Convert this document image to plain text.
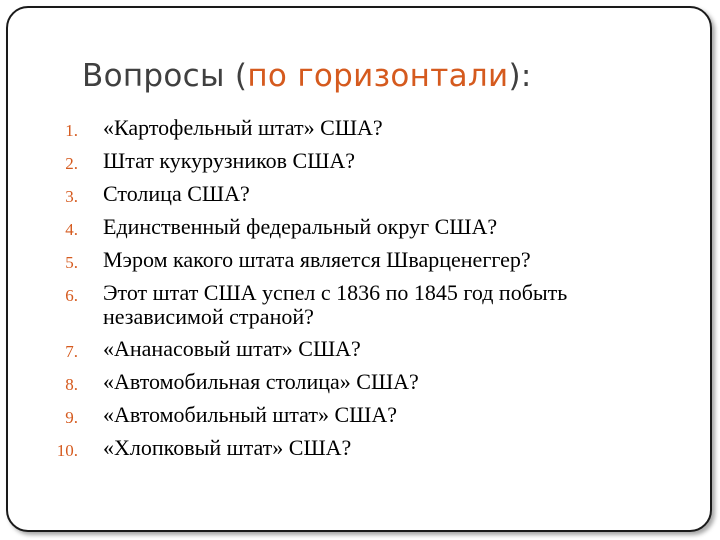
Вопросы (по горизонтали):
1. «Картофельный штат» США?
2. Штат кукурузников США?
3. Столица США?
4. Единственный федеральный округ США?
5. Мэром какого штата является Шварценеггер?
6. Этот штат США успел с 1836 по 1845 год побыть независимой страной?
7. «Ананасовый штат» США?
8. «Автомобильная столица» США?
9. «Автомобильный штат» США?
10. «Хлопковый штат» США?
